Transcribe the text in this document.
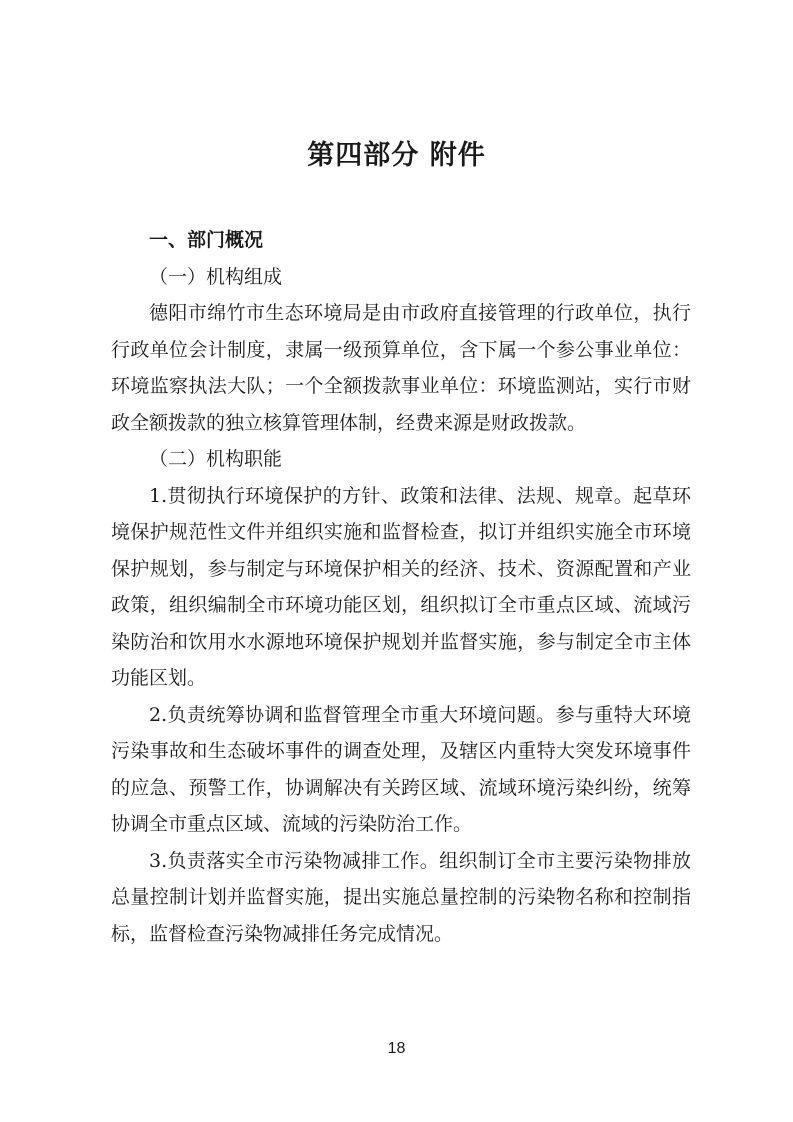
第四部分 附件

一、部门概况

（一）机构组成

德阳市绵竹市生态环境局是由市政府直接管理的行政单位，执行行政单位会计制度，隶属一级预算单位，含下属一个参公事业单位：环境监察执法大队；一个全额拨款事业单位：环境监测站，实行市财政全额拨款的独立核算管理体制，经费来源是财政拨款。

（二）机构职能

1.贯彻执行环境保护的方针、政策和法律、法规、规章。起草环境保护规范性文件并组织实施和监督检查，拟订并组织实施全市环境保护规划，参与制定与环境保护相关的经济、技术、资源配置和产业政策，组织编制全市环境功能区划，组织拟订全市重点区域、流域污染防治和饮用水水源地环境保护规划并监督实施，参与制定全市主体功能区划。

2.负责统筹协调和监督管理全市重大环境问题。参与重特大环境污染事故和生态破坏事件的调查处理，及辖区内重特大突发环境事件的应急、预警工作，协调解决有关跨区域、流域环境污染纠纷，统筹协调全市重点区域、流域的污染防治工作。

3.负责落实全市污染物减排工作。组织制订全市主要污染物排放总量控制计划并监督实施，提出实施总量控制的污染物名称和控制指标，监督检查污染物减排任务完成情况。

18
